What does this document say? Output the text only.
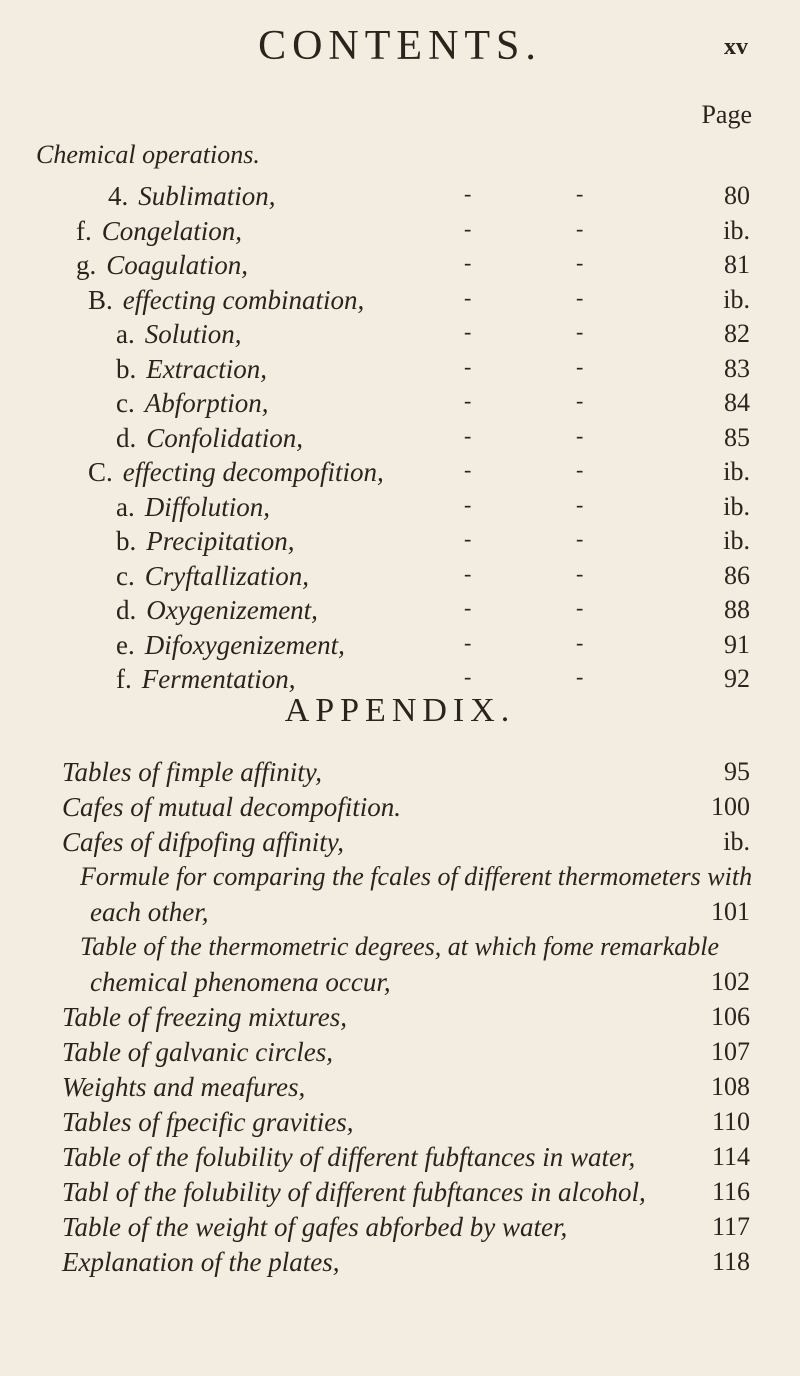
CONTENTS.	xv
Page
Chemical operations.
4. Sublimation,	-	-	80
f. Congelation,	-	-	ib.
g. Coagulation,	-	-	81
B. effecting combination,	-	-	ib.
a. Solution,	-	-	82
b. Extraction,	-	-	83
c. Abforption,	-	-	84
d. Confolidation,	-	-	85
C. effecting decompofition,	-	-	ib.
a. Diffolution,	-	-	ib.
b. Precipitation,	-	-	ib.
c. Cryftallization,	-	-	86
d. Oxygenizement,	-	-	88
e. Difoxygenizement,	-	-	91
f. Fermentation,	-	-	92
APPENDIX.
Tables of fimple affinity,	95
Cafes of mutual decompofition.	100
Cafes of difpofing affinity,	ib.
Formule for comparing the fcales of different thermometers with
each other,	101
Table of the thermometric degrees, at which fome remarkable
chemical phenomena occur,	102
Table of freezing mixtures,	106
Table of galvanic circles,	107
Weights and meafures,	108
Tables of fpecific gravities,	110
Table of the folubility of different fubftances in water,	114
Tabl of the folubility of different fubftances in alcohol,	116
Table of the weight of gafes abforbed by water,	117
Explanation of the plates,	118
